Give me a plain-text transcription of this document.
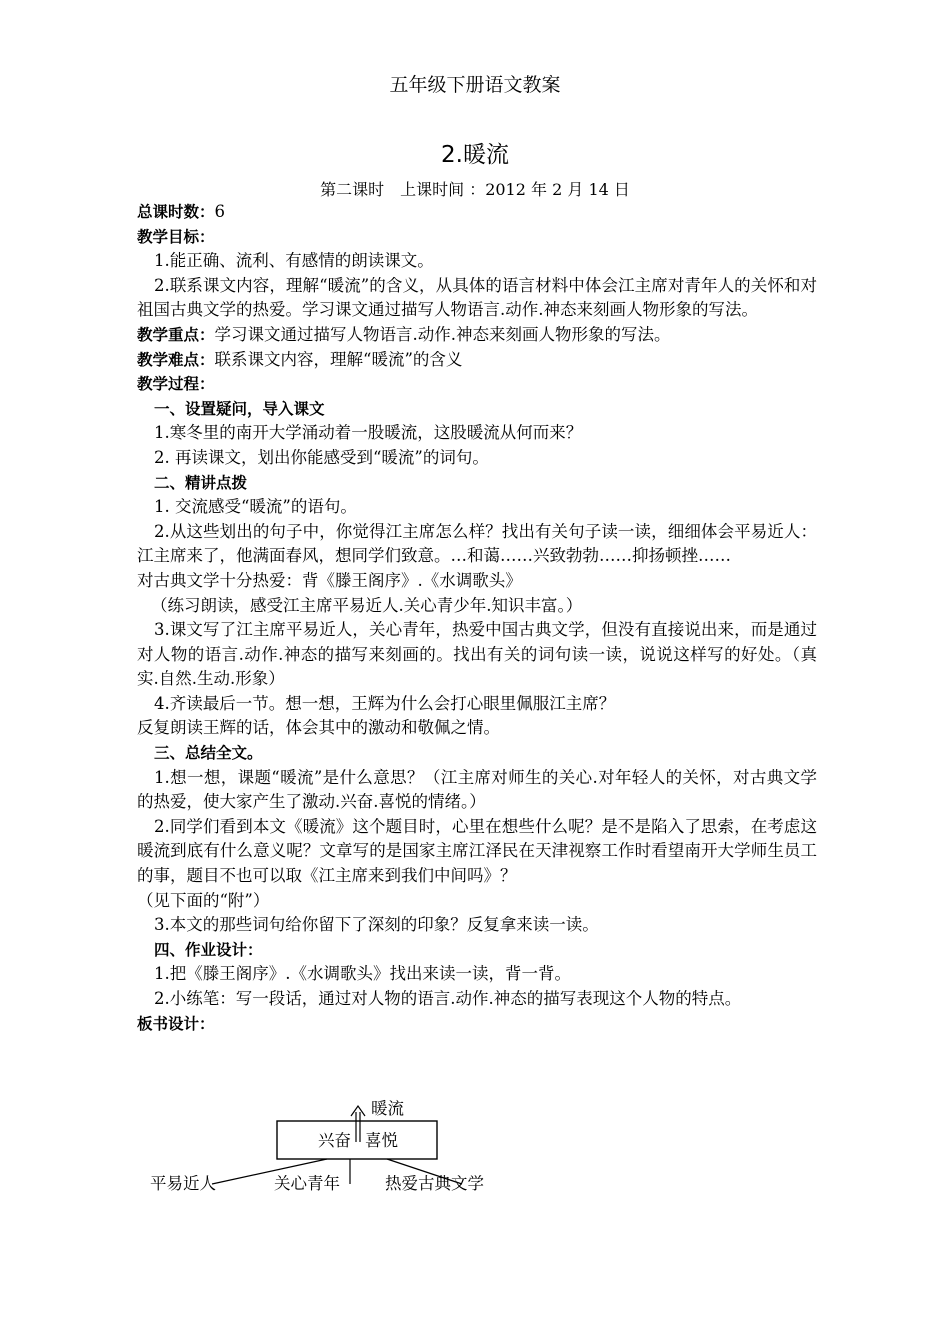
五年级下册语文教案
2.暖流
第二课时　上课时间 ：2012 年 2 月 14 日
总课时数：6
教学目标：
1.能正确、流利、有感情的朗读课文。
2.联系课文内容，理解“暖流”的含义，从具体的语言材料中体会江主席对青年人的关怀和对祖国古典文学的热爱。学习课文通过描写人物语言.动作.神态来刻画人物形象的写法。
教学重点：学习课文通过描写人物语言.动作.神态来刻画人物形象的写法。
教学难点：联系课文内容，理解“暖流”的含义
教学过程：
一、设置疑问，导入课文
1.寒冬里的南开大学涌动着一股暖流，这股暖流从何而来？
2. 再读课文，划出你能感受到“暖流”的词句。
二、精讲点拨
1. 交流感受“暖流”的语句。
2.从这些划出的句子中，你觉得江主席怎么样？找出有关句子读一读，细细体会平易近人：江主席来了，他满面春风，想同学们致意。…和蔼……兴致勃勃……抑扬顿挫……
对古典文学十分热爱：背《滕王阁序》.《水调歌头》
（练习朗读，感受江主席平易近人.关心青少年.知识丰富。）
3.课文写了江主席平易近人，关心青年，热爱中国古典文学，但没有直接说出来，而是通过对人物的语言.动作.神态的描写来刻画的。找出有关的词句读一读，说说这样写的好处。（真实.自然.生动.形象）
4.齐读最后一节。想一想，王辉为什么会打心眼里佩服江主席？
反复朗读王辉的话，体会其中的激动和敬佩之情。
三、总结全文。
1.想一想，课题“暖流”是什么意思？（江主席对师生的关心.对年轻人的关怀，对古典文学的热爱，使大家产生了激动.兴奋.喜悦的情绪。）
2.同学们看到本文《暖流》这个题目时，心里在想些什么呢？是不是陷入了思索，在考虑这暖流到底有什么意义呢？文章写的是国家主席江泽民在天津视察工作时看望南开大学师生员工的事，题目不也可以取《江主席来到我们中间吗》？
（见下面的“附”）
3.本文的那些词句给你留下了深刻的印象？反复拿来读一读。
四、作业设计：
1.把《滕王阁序》.《水调歌头》找出来读一读，背一背。
2.小练笔：写一段话，通过对人物的语言.动作.神态的描写表现这个人物的特点。
板书设计：
暖流
兴奋 喜悦
平易近人	关心青年	热爱古典文学
